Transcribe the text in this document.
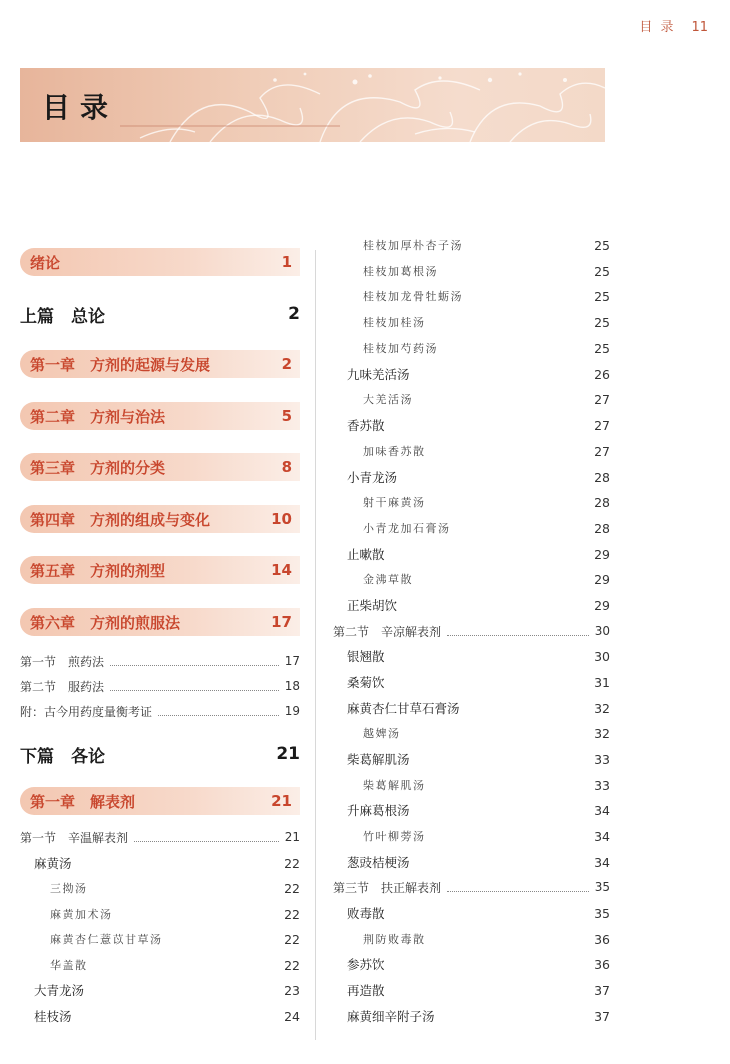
目 录 11
目录
绪论	1
上篇　总论	2
第一章　方剂的起源与发展	2
第二章　方剂与治法	5
第三章　方剂的分类	8
第四章　方剂的组成与变化	10
第五章　方剂的剂型	14
第六章　方剂的煎服法	17
第一节　煎药法	17
第二节　服药法	18
附：古今用药度量衡考证	19
下篇　各论	21
第一章　解表剂	21
第一节　辛温解表剂	21
麻黄汤	22
三拗汤	22
麻黄加术汤	22
麻黄杏仁薏苡甘草汤	22
华盖散	22
大青龙汤	23
桂枝汤	24
桂枝加厚朴杏子汤	25
桂枝加葛根汤	25
桂枝加龙骨牡蛎汤	25
桂枝加桂汤	25
桂枝加芍药汤	25
九味羌活汤	26
大羌活汤	27
香苏散	27
加味香苏散	27
小青龙汤	28
射干麻黄汤	28
小青龙加石膏汤	28
止嗽散	29
金沸草散	29
正柴胡饮	29
第二节　辛凉解表剂	30
银翘散	30
桑菊饮	31
麻黄杏仁甘草石膏汤	32
越婢汤	32
柴葛解肌汤	33
柴葛解肌汤	33
升麻葛根汤	34
竹叶柳蒡汤	34
葱豉桔梗汤	34
第三节　扶正解表剂	35
败毒散	35
荆防败毒散	36
参苏饮	36
再造散	37
麻黄细辛附子汤	37
